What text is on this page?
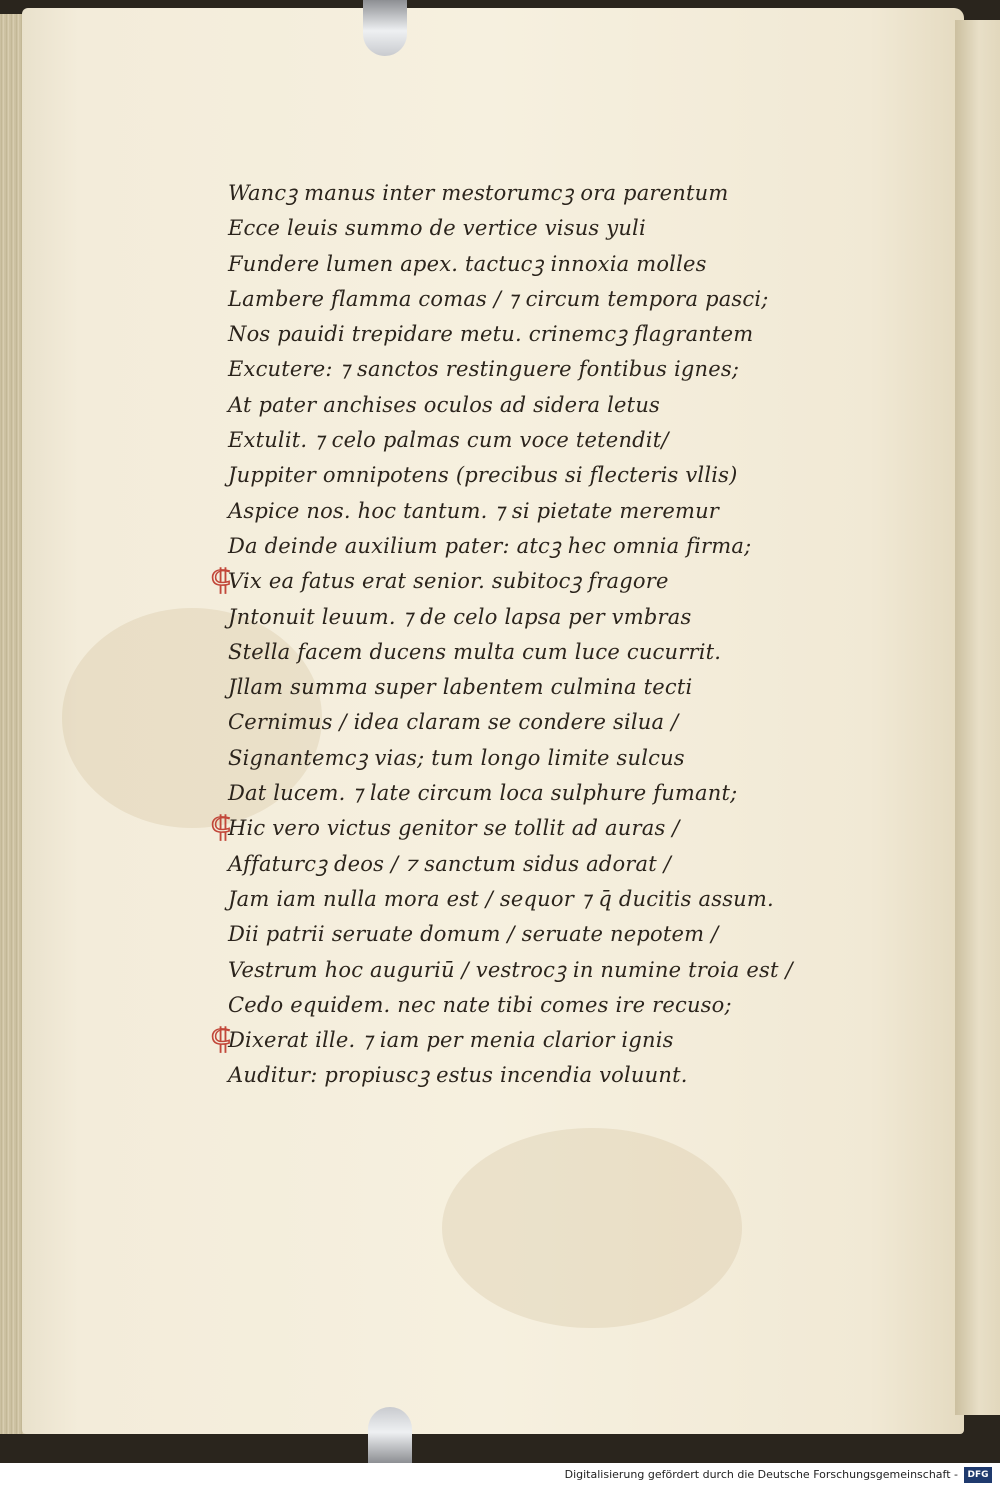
Wancꝫ manus inter mestorumcꝫ ora parentum
Ecce leuis summo de vertice visus yuli
Fundere lumen apex. tactucꝫ innoxia molles
Lambere flamma comas / ⁊ circum tempora pasci;
Nos pauidi trepidare metu. crinemcꝫ flagrantem
Excutere: ⁊ sanctos restinguere fontibus ignes;
At pater anchises oculos ad sidera letus
Extulit. ⁊ celo palmas cum voce tetendit/
Juppiter omnipotens (precibus si flecteris vllis)
Aspice nos. hoc tantum. ⁊ si pietate meremur
Da deinde auxilium pater: atcꝫ hec omnia firma;
⸿
Vix ea fatus erat senior. subitocꝫ fragore
Jntonuit leuum. ⁊ de celo lapsa per vmbras
Stella facem ducens multa cum luce cucurrit.
Jllam summa super labentem culmina tecti
Cernimus / idea claram se condere silua /
Signantemcꝫ vias; tum longo limite sulcus
Dat lucem. ⁊ late circum loca sulphure fumant;
⸿
Hic vero victus genitor se tollit ad auras /
Affaturcꝫ deos / ⁊ sanctum sidus adorat /
Jam iam nulla mora est / sequor ⁊ q̄ ducitis assum.
Dii patrii seruate domum / seruate nepotem /
Vestrum hoc auguriū / vestrocꝫ in numine troia est /
Cedo equidem. nec nate tibi comes ire recuso;
⸿
Dixerat ille. ⁊ iam per menia clarior ignis
Auditur: propiuscꝫ estus incendia voluunt.
Digitalisierung gefördert durch die Deutsche Forschungsgemeinschaft -	DFG
